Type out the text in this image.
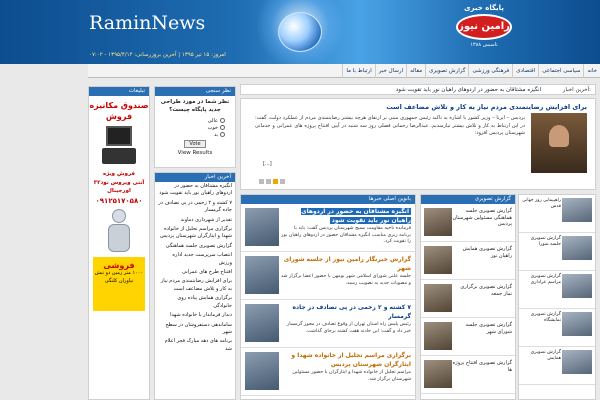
RaminNews
امروز: ۱۵ تیر ۱۳۹۵ | آخرین بروزرسانی: ۱۳۹۵/۴/۱۴ - ۰۷:۰۲
پایگاه خبری
رامین نیوز
تاسیس ۱۳۸۸
خانه
سیاسی اجتماعی
اقتصادی
فرهنگی ورزشی
گزارش تصویری
مقاله
ارسال خبر
ارتباط با ما
آخرین اخبار:
انگیزه مشتاقان به حضور در اردوهای راهیان نور باید تقویت شود
تبلیغات
صندوق مکانیزه فروش
فروش ویژه
آنتی ویروس نود۳۲
اورجینال
۰۹۱۲۵۱۷۰۵۸۰
فروشی
۱۰۰۰ متر زمین دو نبش نیاوران کلنگی
نظر سنجی
نظر شما در مورد طراحی جدید پایگاه چیست؟
عالی
خوب
بد
Vote
View Results
آخرین اخبار
انگیزه مشتاقان به حضور در اردوهای راهیان نور باید تقویت شود
۷ کشته و ۲ زخمی در پی تصادف در جاده گرمسار
تقدیر از شهرداری دماوند
برگزاری مراسم تجلیل از خانواده شهدا و ایثارگران شهرستان پردیس
گزارش تصویری جلسه هماهنگی
انتصاب سرپرست جدید اداره ورزش
افتتاح طرح های عمرانی
برای افزایش رضایتمندی مردم نیاز به کار و تلاش مضاعف است
برگزاری همایش پیاده روی خانوادگی
دیدار فرماندار با خانواده شهدا
ساماندهی دستفروشان در سطح شهر
برنامه های دهه مبارک فجر اعلام شد
برای افزایش رضایتمندی مردم نیاز به کار و تلاش مضاعف است
پردیس – ایرنا – وزیر کشور با اشاره به تاکید رئیس جمهوری مبنی بر ارتقای هرچه بیشتر رضایتمندی مردم از عملکرد دولت، گفت: در این ارتباط به کار و تلاش بیشتر نیازمندیم. عبدالرضا رحمانی فضلی روز سه شنبه در آیین افتتاح پروژه های عمرانی و خدماتی شهرستان پردیس افزود:
[...]
بانوین اصلی خبرها
انگیزه مشتاقان به حضور در اردوهای راهیان نور باید تقویت شود
فرمانده ناحیه مقاومت بسیج شهرستان پردیس گفت: باید با برنامه ریزی مناسب انگیزه مشتاقان حضور در اردوهای راهیان نور را تقویت کرد.
گزارش خبرنگار رامین نیوز از جلسه شورای شهر
جلسه علنی شورای اسلامی شهر بومهن با حضور اعضا برگزار شد و مصوبات جدید به تصویب رسید.
۷ کشته و ۲ زخمی در پی تصادف در جاده گرمسار
رئیس پلیس راه استان تهران از وقوع تصادف در محور گرمسار خبر داد و گفت: این حادثه هفت کشته برجای گذاشت.
برگزاری مراسم تجلیل از خانواده شهدا و ایثارگران شهرستان پردیس
مراسم تجلیل از خانواده شهدا و ایثارگران با حضور مسئولین شهرستان برگزار شد.
گزارش تصویری
گزارش تصویری جلسه هماهنگی مسئولین شهرستان پردیس
گزارش تصویری همایش راهیان نور
گزارش تصویری برگزاری نماز جمعه
گزارش تصویری جلسه شورای شهر
گزارش تصویری افتتاح پروژه ها
راهپیمایی روز جهانی قدس
گزارش تصویری جلسه شورا
گزارش تصویری مراسم عزاداری
گزارش تصویری نمایشگاه
گزارش تصویری همایش
